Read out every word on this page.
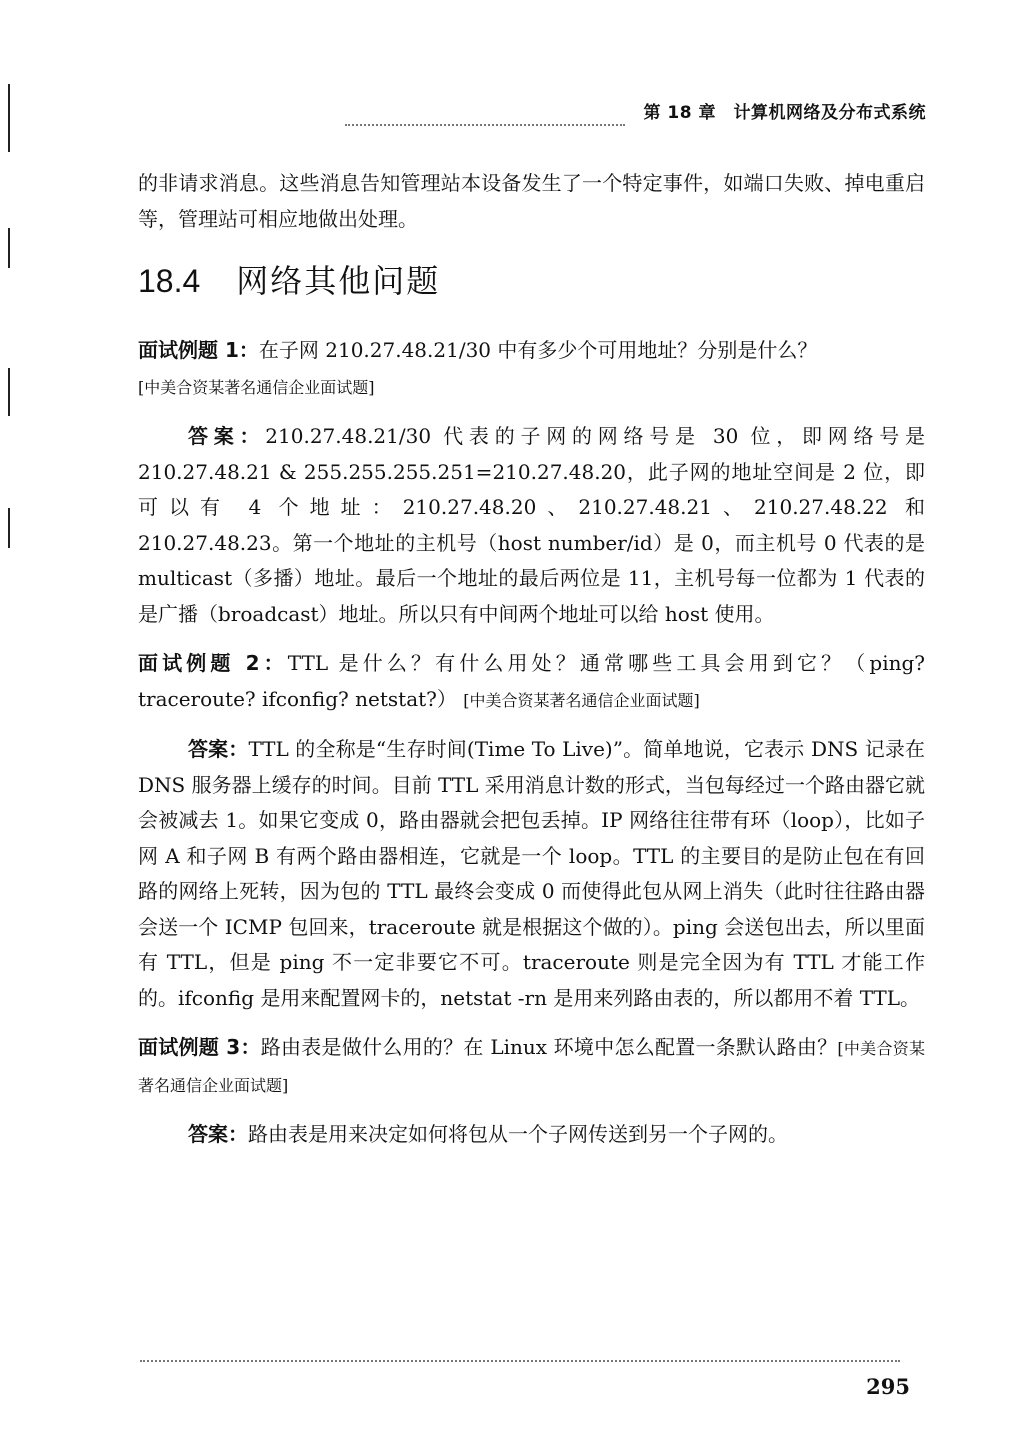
第 18 章　计算机网络及分布式系统

的非请求消息。这些消息告知管理站本设备发生了一个特定事件，如端口失败、掉电重启等，管理站可相应地做出处理。

18.4 网络其他问题

面试例题 1：在子网 210.27.48.21/30 中有多少个可用地址？分别是什么？
[中美合资某著名通信企业面试题]

答案：210.27.48.21/30 代表的子网的网络号是 30 位，即网络号是 210.27.48.21 & 255.255.255.251=210.27.48.20，此子网的地址空间是 2 位，即可以有 4 个地址：210.27.48.20、210.27.48.21、210.27.48.22 和 210.27.48.23。第一个地址的主机号（host number/id）是 0，而主机号 0 代表的是 multicast（多播）地址。最后一个地址的最后两位是 11，主机号每一位都为 1 代表的是广播（broadcast）地址。所以只有中间两个地址可以给 host 使用。

面试例题 2：TTL 是什么？有什么用处？通常哪些工具会用到它？（ping? traceroute? ifconfig? netstat?） [中美合资某著名通信企业面试题]

答案：TTL 的全称是“生存时间(Time To Live)”。简单地说，它表示 DNS 记录在 DNS 服务器上缓存的时间。目前 TTL 采用消息计数的形式，当包每经过一个路由器它就会被减去 1。如果它变成 0，路由器就会把包丢掉。IP 网络往往带有环（loop），比如子网 A 和子网 B 有两个路由器相连，它就是一个 loop。TTL 的主要目的是防止包在有回路的网络上死转，因为包的 TTL 最终会变成 0 而使得此包从网上消失（此时往往路由器会送一个 ICMP 包回来，traceroute 就是根据这个做的）。ping 会送包出去，所以里面有 TTL，但是 ping 不一定非要它不可。traceroute 则是完全因为有 TTL 才能工作的。ifconfig 是用来配置网卡的，netstat -rn 是用来列路由表的，所以都用不着 TTL。

面试例题 3：路由表是做什么用的？在 Linux 环境中怎么配置一条默认路由？[中美合资某著名通信企业面试题]

答案：路由表是用来决定如何将包从一个子网传送到另一个子网的。

295
